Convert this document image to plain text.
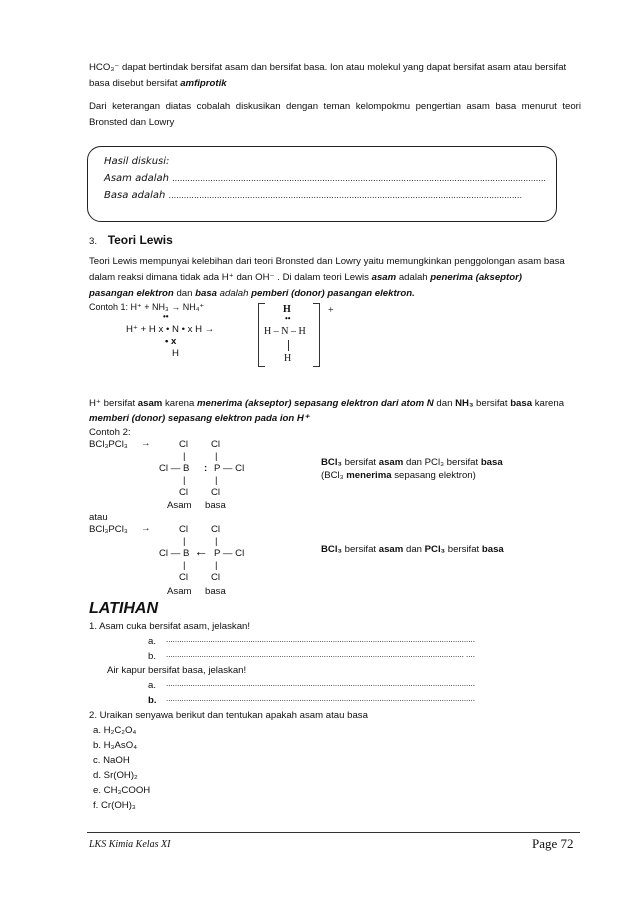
HCO₃⁻ dapat bertindak bersifat asam dan bersifat basa. Ion atau molekul yang dapat bersifat asam atau bersifat
basa disebut bersifat amfiprotik
Dari keterangan diatas cobalah diskusikan dengan teman kelompokmu pengertian asam basa menurut teori Bronsted dan Lowry
Hasil diskusi:
Asam adalah ...................................................................................................................................................
Basa adalah ...........................................................................................................................................
3. Teori Lewis
Teori Lewis mempunyai kelebihan dari teori Bronsted dan Lowry yaitu memungkinkan penggolongan asam basa
dalam reaksi dimana tidak ada H⁺ dan OH⁻ . Di dalam teori Lewis asam adalah penerima (akseptor)
pasangan elektron dan basa adalah pemberi (donor) pasangan elektron.
Contoh 1: H⁺ + NH₃ → NH₄⁺
••
H⁺ + H x • N • x H →
• x
H
H
••
H – N – H
H
+
H⁺ bersifat asam karena menerima (akseptor) sepasang elektron dari atom N dan NH₃ bersifat basa karena
memberi (donor) sepasang elektron pada ion H⁺
Contoh 2:
BCl₃PCl₃ →	Cl Cl
|	|
Cl — B : P — Cl
|	|
Cl Cl
Asam basa
BCl₃ bersifat asam dan PCl₃ bersifat basa
(BCl₃ menerima sepasang elektron)
atau
BCl₃PCl₃ →	Cl Cl
|	|
Cl — B ← P — Cl
|	|
Cl Cl
Asam basa
BCl₃ bersifat asam dan PCl₃ bersifat basa
LATIHAN
1. Asam cuka bersifat asam, jelaskan!
a. ...........................................................................................................................................
b. ...................................................................................................................................... ....
Air kapur bersifat basa, jelaskan!
a. ...........................................................................................................................................
b. ...........................................................................................................................................
2. Uraikan senyawa berikut dan tentukan apakah asam atau basa
a. H₂C₂O₄
b. H₃AsO₄
c. NaOH
d. Sr(OH)₂
e. CH₃COOH
f. Cr(OH)₃
LKS Kimia Kelas XI	Page 72
